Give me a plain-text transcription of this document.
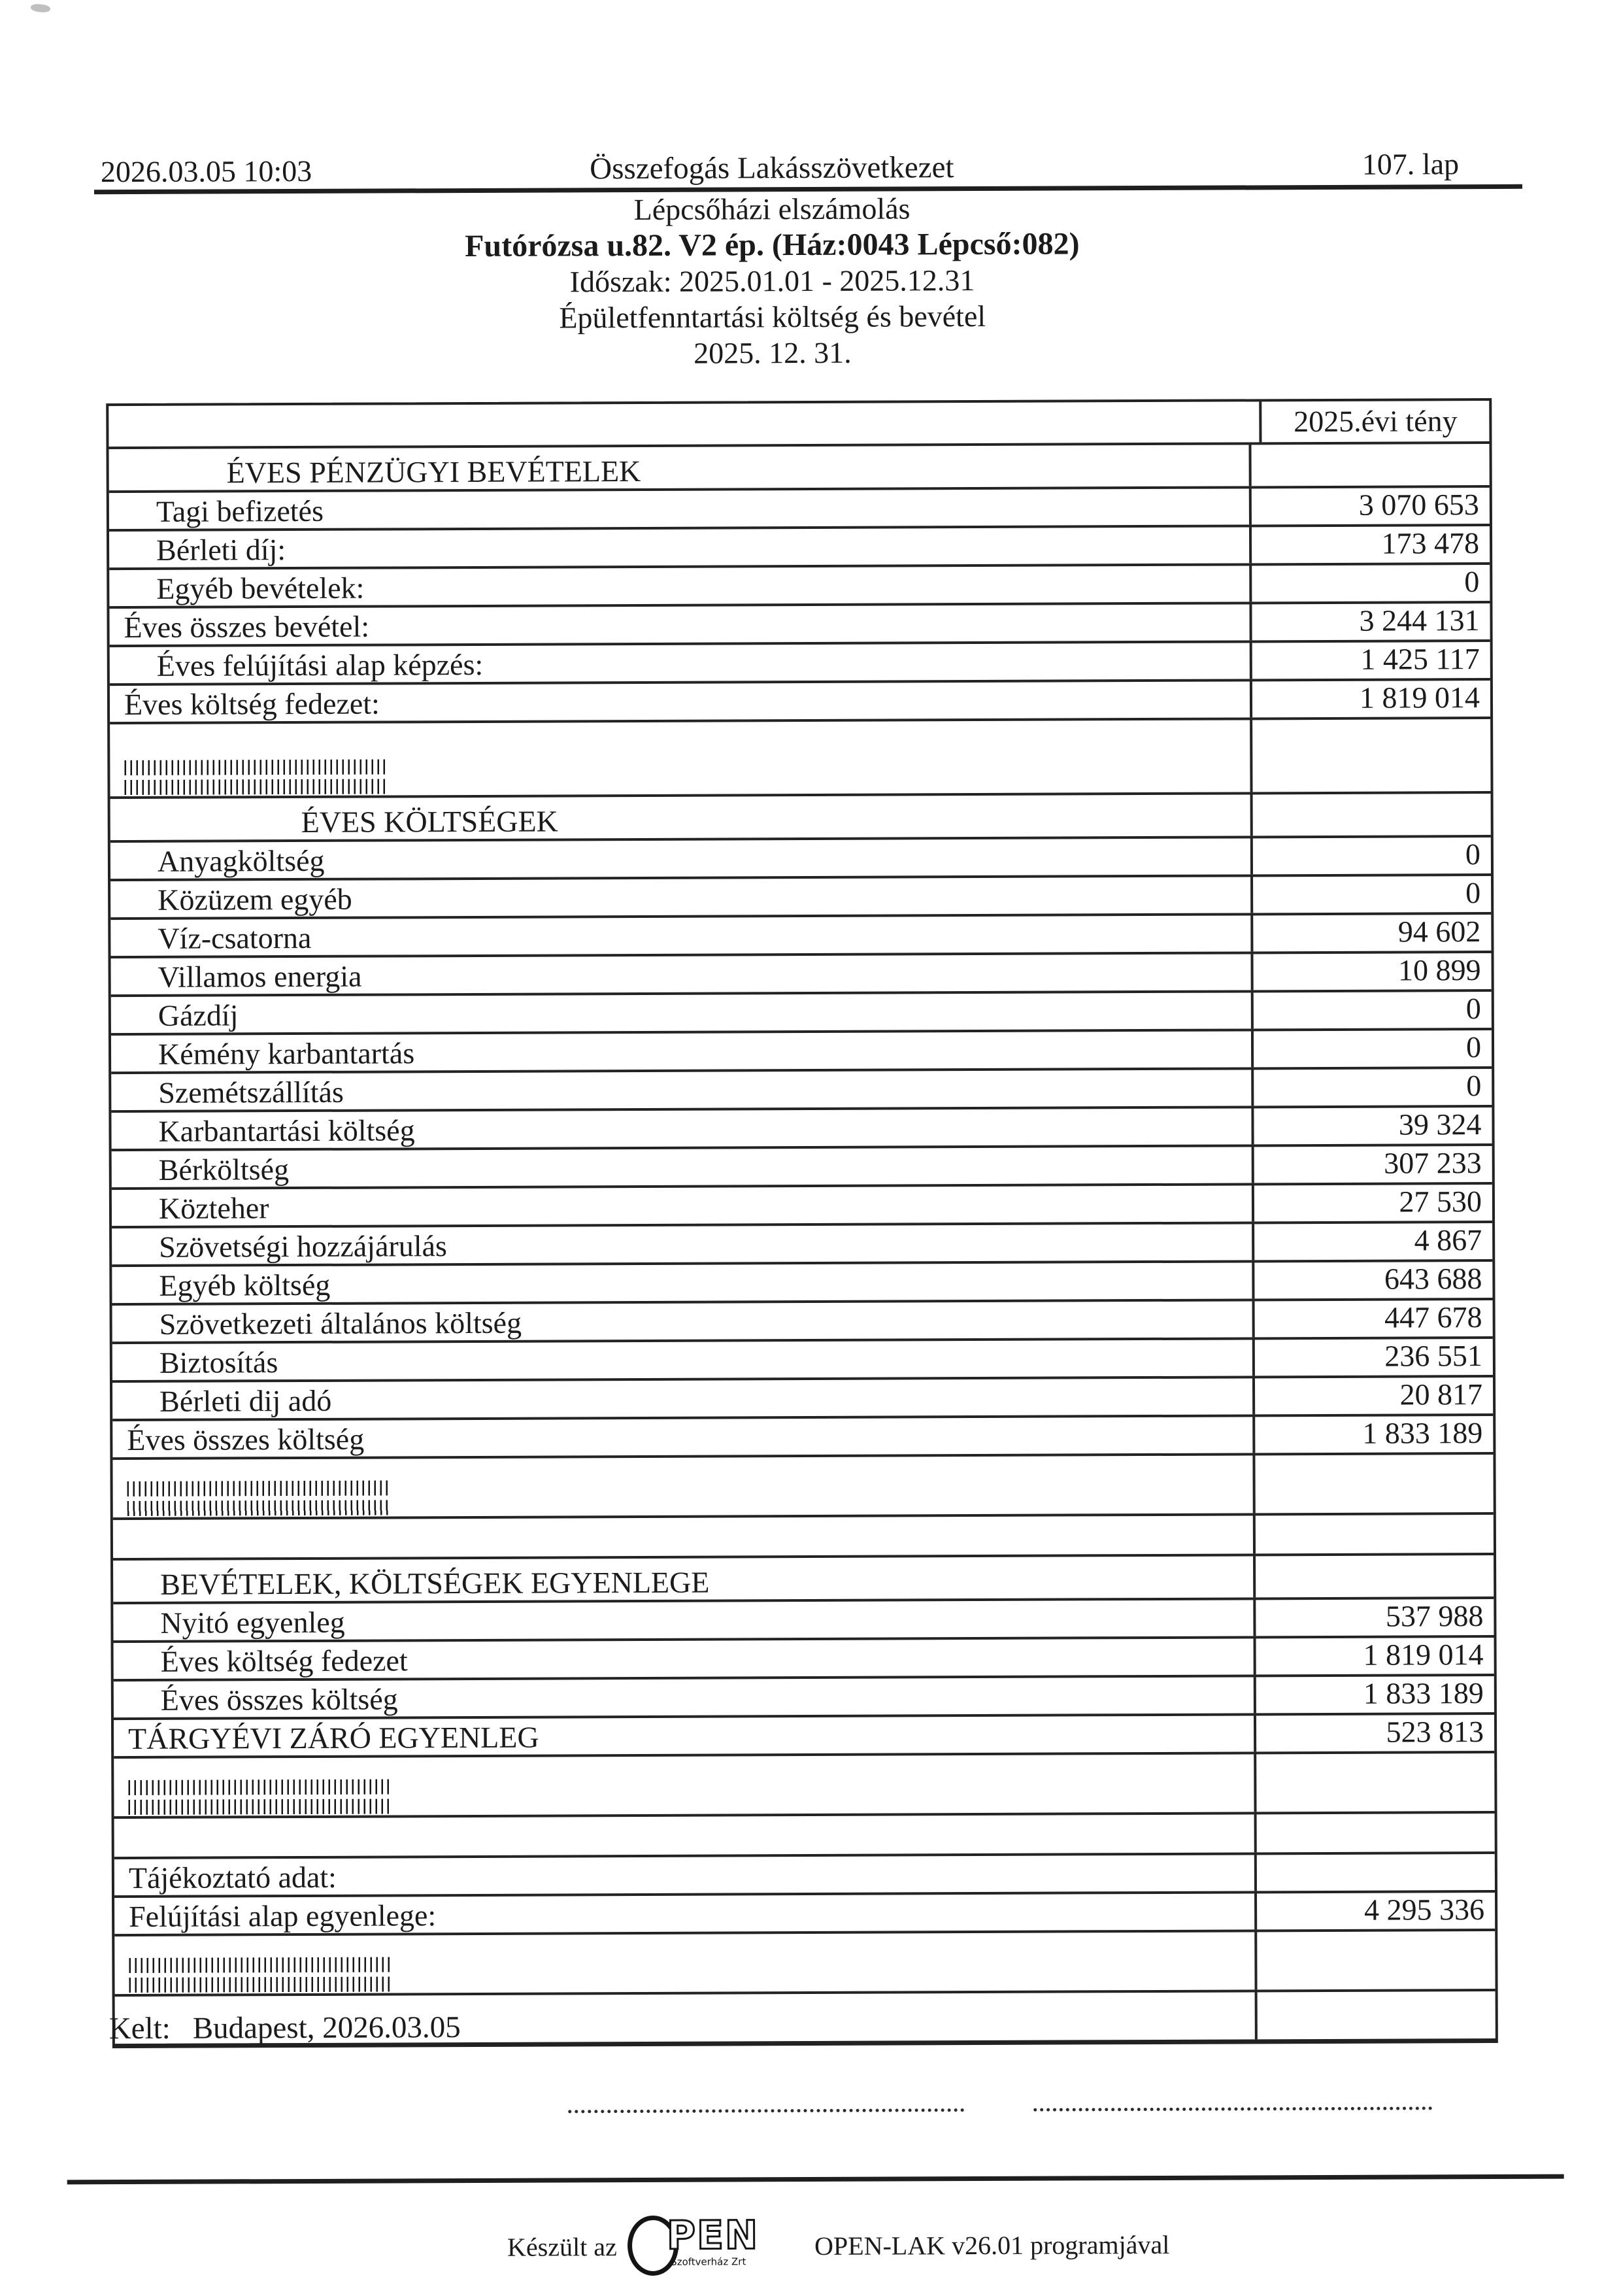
2026.03.05 10:03	Összefogás Lakásszövetkezet	107. lap
Lépcsőházi elszámolás
Futórózsa u.82. V2 ép. (Ház:0043 Lépcső:082)
Időszak: 2025.01.01 - 2025.12.31
Épületfenntartási költség és bevétel
2025. 12. 31.
2025.évi tény
ÉVES PÉNZÜGYI BEVÉTELEK
Tagi befizetés	3 070 653
Bérleti díj:	173 478
Egyéb bevételek:	0
Éves összes bevétel:	3 244 131
Éves felújítási alap képzés:	1 425 117
Éves költség fedezet:	1 819 014
ÉVES KÖLTSÉGEK
Anyagköltség	0
Közüzem egyéb	0
Víz-csatorna	94 602
Villamos energia	10 899
Gázdíj	0
Kémény karbantartás	0
Szemétszállítás	0
Karbantartási költség	39 324
Bérköltség	307 233
Közteher	27 530
Szövetségi hozzájárulás	4 867
Egyéb költség	643 688
Szövetkezeti általános költség	447 678
Biztosítás	236 551
Bérleti dij adó	20 817
Éves összes költség	1 833 189
BEVÉTELEK, KÖLTSÉGEK EGYENLEGE
Nyitó egyenleg	537 988
Éves költség fedezet	1 819 014
Éves összes költség	1 833 189
TÁRGYÉVI ZÁRÓ EGYENLEG	523 813
Tájékoztató adat:
Felújítási alap egyenlege:	4 295 336
Kelt: Budapest, 2026.03.05
Készült az PEN
Szoftverház Zrt
OPEN-LAK v26.01 programjával
